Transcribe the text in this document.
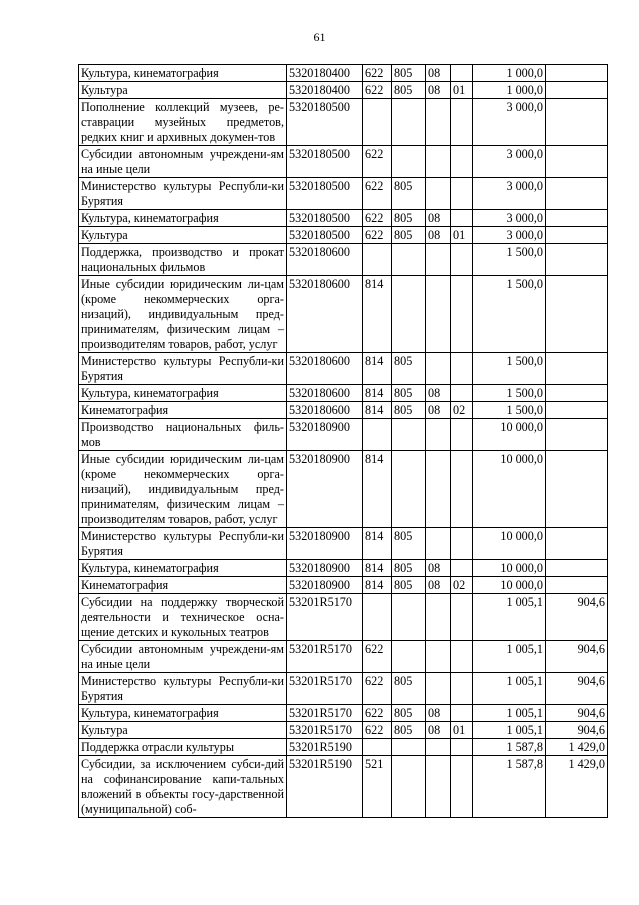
61
Культура, кинематография	5320180400	622	805	08		1 000,0	
Культура	5320180400	622	805	08	01	1 000,0	
Пополнение коллекций музеев, ре-ставрации музейных предметов, редких книг и архивных докумен-тов	5320180500					3 000,0	
Субсидии автономным учреждени-ям на иные цели	5320180500	622				3 000,0	
Министерство культуры Республи-ки Бурятия	5320180500	622	805			3 000,0	
Культура, кинематография	5320180500	622	805	08		3 000,0	
Культура	5320180500	622	805	08	01	3 000,0	
Поддержка, производство и прокат национальных фильмов	5320180600					1 500,0	
Иные субсидии юридическим ли-цам (кроме некоммерческих орга-низаций), индивидуальным пред-принимателям, физическим лицам – производителям товаров, работ, услуг	5320180600	814				1 500,0	
Министерство культуры Республи-ки Бурятия	5320180600	814	805			1 500,0	
Культура, кинематография	5320180600	814	805	08		1 500,0	
Кинематография	5320180600	814	805	08	02	1 500,0	
Производство национальных филь-мов	5320180900					10 000,0	
Иные субсидии юридическим ли-цам (кроме некоммерческих орга-низаций), индивидуальным пред-принимателям, физическим лицам – производителям товаров, работ, услуг	5320180900	814				10 000,0	
Министерство культуры Республи-ки Бурятия	5320180900	814	805			10 000,0	
Культура, кинематография	5320180900	814	805	08		10 000,0	
Кинематография	5320180900	814	805	08	02	10 000,0	
Субсидии на поддержку творческой деятельности и техническое осна-щение детских и кукольных театров	53201R5170					1 005,1	904,6
Субсидии автономным учреждени-ям на иные цели	53201R5170	622				1 005,1	904,6
Министерство культуры Республи-ки Бурятия	53201R5170	622	805			1 005,1	904,6
Культура, кинематография	53201R5170	622	805	08		1 005,1	904,6
Культура	53201R5170	622	805	08	01	1 005,1	904,6
Поддержка отрасли культуры	53201R5190					1 587,8	1 429,0
Субсидии, за исключением субси-дий на софинансирование капи-тальных вложений в объекты госу-дарственной (муниципальной) соб-	53201R5190	521				1 587,8	1 429,0
